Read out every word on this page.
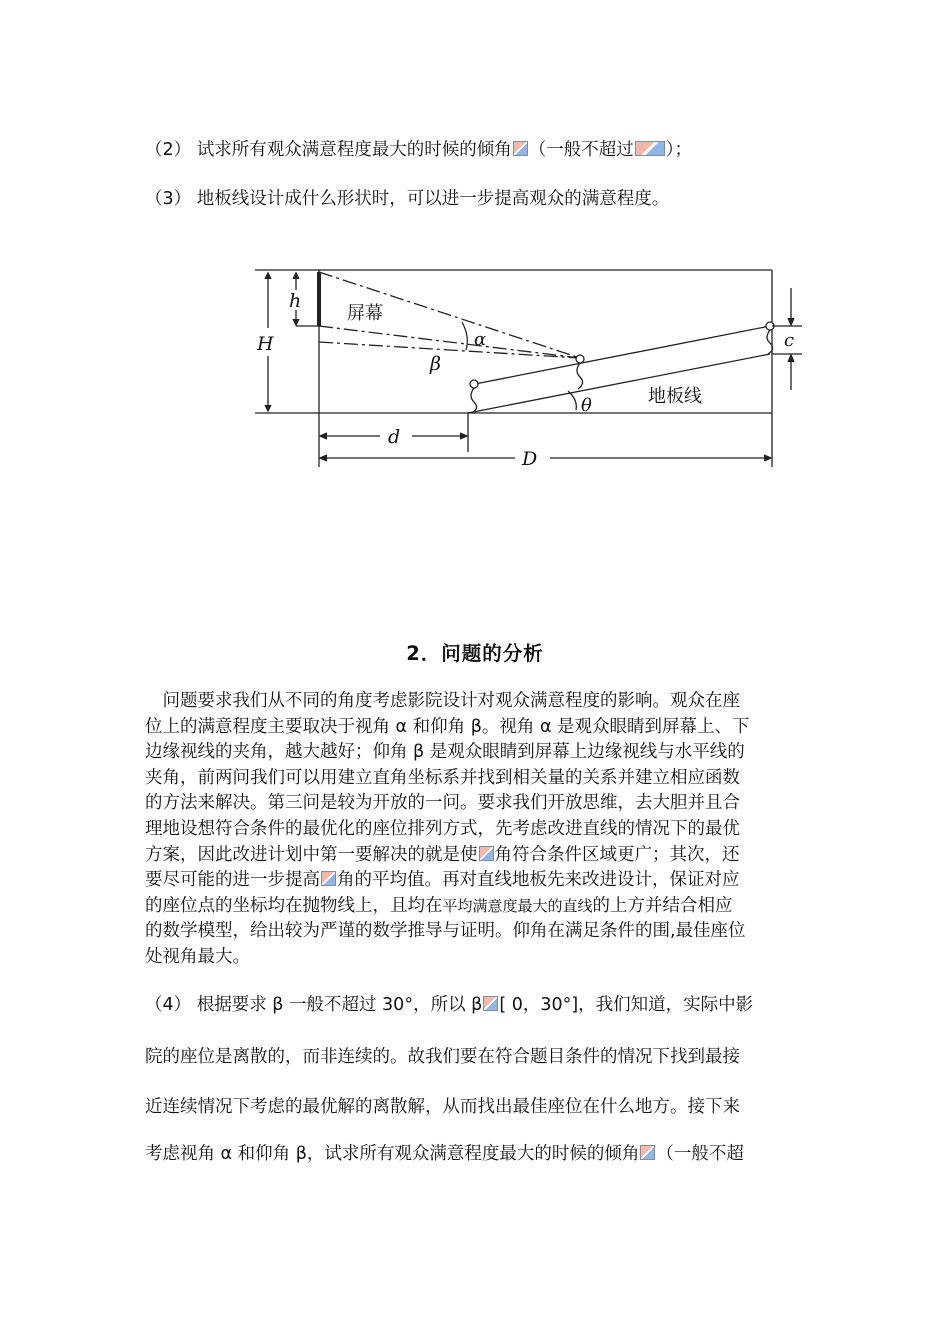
（2） 试求所有观众满意程度最大的时候的倾角 （一般不超过 ）；
（3） 地板线设计成什么形状时，可以进一步提高观众的满意程度。
h
H
屏幕
α
β
θ	地板线
c
d
D
2．问题的分析
　问题要求我们从不同的角度考虑影院设计对观众满意程度的影响。观众在座
位上的满意程度主要取决于视角 α 和仰角 β。视角 α 是观众眼睛到屏幕上、下
边缘视线的夹角，越大越好；仰角 β 是观众眼睛到屏幕上边缘视线与水平线的
夹角，前两问我们可以用建立直角坐标系并找到相关量的关系并建立相应函数
的方法来解决。第三问是较为开放的一问。要求我们开放思维，去大胆并且合
理地设想符合条件的最优化的座位排列方式，先考虑改进直线的情况下的最优
方案，因此改进计划中第一要解决的就是使 角符合条件区域更广；其次，还
要尽可能的进一步提高 角的平均值。再对直线地板先来改进设计，保证对应
的座位点的坐标均在抛物线上，且均在平均满意度最大的直线的上方并结合相应
的数学模型，给出较为严谨的数学推导与证明。仰角在满足条件的围,最佳座位
处视角最大。
（4） 根据要求 β 一般不超过 30°，所以 β [ 0，30°]，我们知道，实际中影
院的座位是离散的，而非连续的。故我们要在符合题目条件的情况下找到最接
近连续情况下考虑的最优解的离散解，从而找出最佳座位在什么地方。接下来
考虑视角 α 和仰角 β，试求所有观众满意程度最大的时候的倾角 （一般不超
